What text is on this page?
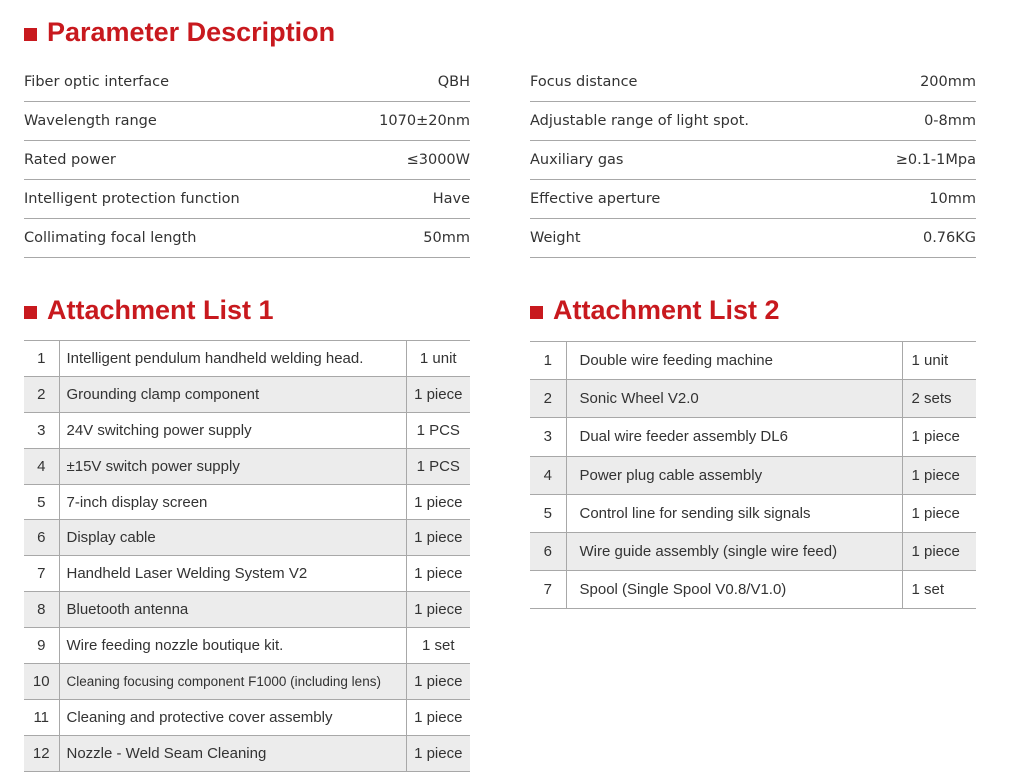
Parameter Description
Attachment List 1	Attachment List 2
Fiber optic interface	QBH
Wavelength range	1070±20nm
Rated power	≤3000W
Intelligent protection function	Have
Collimating focal length	50mm
Focus distance	200mm
Adjustable range of light spot.	0-8mm
Auxiliary gas	≥0.1-1Mpa
Effective aperture	10mm
Weight	0.76KG
1	Intelligent pendulum handheld welding head.	1 unit
2	Grounding clamp component	1 piece
3	24V switching power supply	1 PCS
4	±15V switch power supply	1 PCS
5	7-inch display screen	1 piece
6	Display cable	1 piece
7	Handheld Laser Welding System V2	1 piece
8	Bluetooth antenna	1 piece
9	Wire feeding nozzle boutique kit.	1 set
10	Cleaning focusing component F1000 (including lens)	1 piece
11	Cleaning and protective cover assembly	1 piece
12	Nozzle - Weld Seam Cleaning	1 piece
1	Double wire feeding machine	1 unit
2	Sonic Wheel V2.0	2 sets
3	Dual wire feeder assembly DL6	1 piece
4	Power plug cable assembly	1 piece
5	Control line for sending silk signals	1 piece
6	Wire guide assembly (single wire feed)	1 piece
7	Spool (Single Spool V0.8/V1.0)	1 set
